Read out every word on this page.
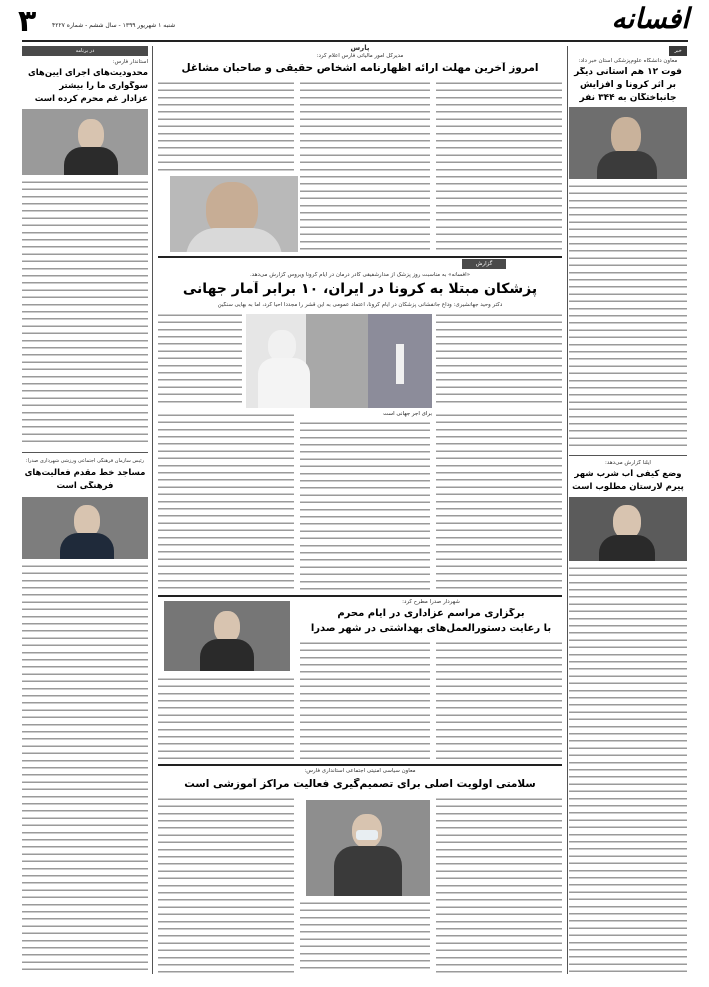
۳	شنبه ۱ شهریور ۱۳۹۹ - سال ششم - شماره ۴۲۲۷	افسانه
خبر
معاون دانشگاه علوم‌پزشکی استان خبر داد:
فوت ۱۲ هم استانی دیگر
بر اثر کرونا و افزایش
جانباختگان به ۳۴۴ نفر
ایلنا گزارش می‌دهد:
وضع کیفی آب شرب شهر
پیرم لارستان مطلوب است
در برنامه
استاندار فارس:
محدودیت‌های اجرای آیین‌های
سوگواری ما را بیشتر
عزادار غم محرم کرده است
رئیس سازمان فرهنگی اجتماعی ورزشی شهرداری صدرا:
مساجد خط مقدم فعالیت‌های
فرهنگی است
پارس
مدیرکل امور مالیاتی فارس اعلام کرد:
امروز آخرین مهلت ارائه اظهارنامه اشخاص حقیقی و صاحبان مشاغل
گزارش
«افسانه» به مناسبت روز پزشک از مدارشفیقی کادر درمان در ایام کرونا ویروس گزارش می‌دهد.
پزشکان مبتلا به کرونا در ایران، ۱۰ برابر آمار جهانی
دکتر وحید جهانشیری: وداع جانفشانی پزشکان در ایام کرونا، اعتماد عمومی به این قشر را مجدداً احیا کرد، اما به بهایی سنگین
برای اجر جهانی است
شهردار صدرا مطرح کرد:
برگزاری مراسم عزاداری در ایام محرم
با رعایت دستورالعمل‌های بهداشتی در شهر صدرا
معاون سیاسی امنیتی اجتماعی استانداری فارس:
سلامتی اولویت اصلی برای تصمیم‌گیری فعالیت مراکز آموزشی است
